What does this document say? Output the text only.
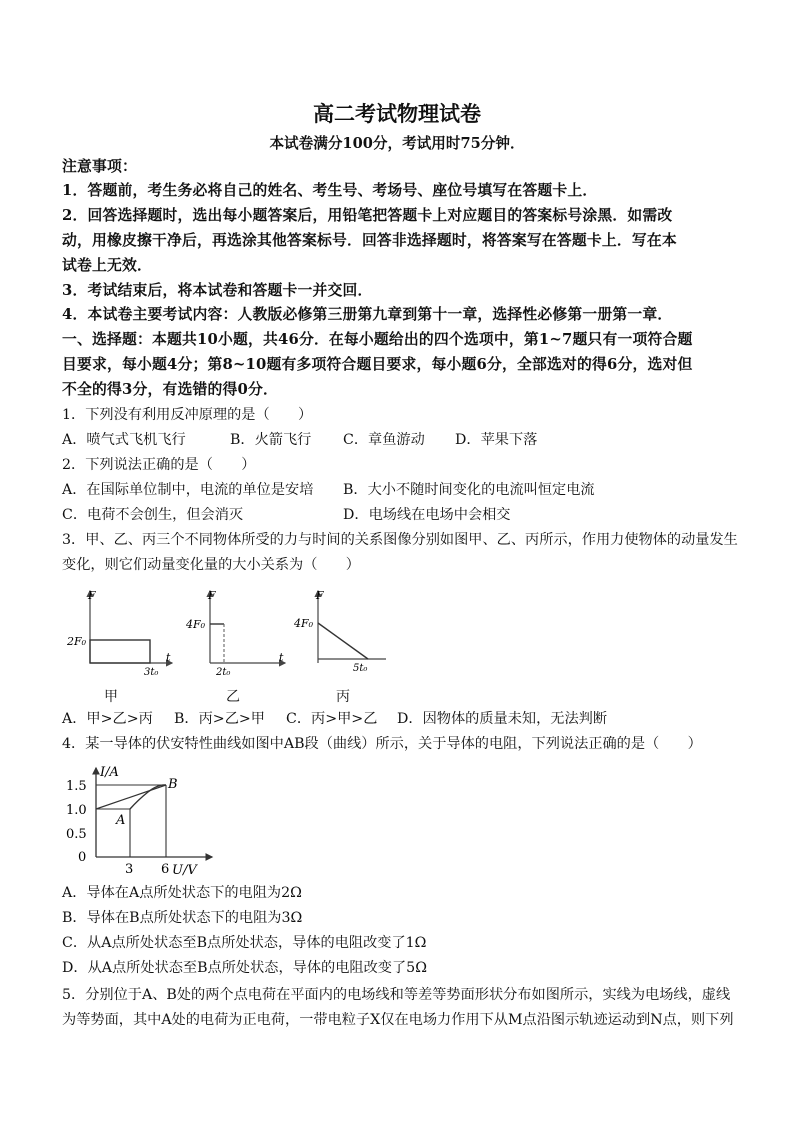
高二考试物理试卷
本试卷满分100分，考试用时75分钟．
注意事项：
1．答题前，考生务必将自己的姓名、考生号、考场号、座位号填写在答题卡上．
2．回答选择题时，选出每小题答案后，用铅笔把答题卡上对应题目的答案标号涂黑．如需改
动，用橡皮擦干净后，再选涂其他答案标号．回答非选择题时，将答案写在答题卡上．写在本
试卷上无效．
3．考试结束后，将本试卷和答题卡一并交回．
4．本试卷主要考试内容：人教版必修第三册第九章到第十一章，选择性必修第一册第一章．
一、选择题：本题共10小题，共46分．在每小题给出的四个选项中，第1~7题只有一项符合题
目要求，每小题4分；第8~10题有多项符合题目要求，每小题6分，全部选对的得6分，选对但
不全的得3分，有选错的得0分．
1．下列没有利用反冲原理的是（　　）
A．喷气式飞机飞行	B．火箭飞行 C．章鱼游动 D．苹果下落
2．下列说法正确的是（　　）
A．在国际单位制中，电流的单位是安培 B．大小不随时间变化的电流叫恒定电流
C．电荷不会创生，但会消灭	D．电场线在电场中会相交
3．甲、乙、丙三个不同物体所受的力与时间的关系图像分别如图甲、乙、丙所示，作用力使物体的动量发生
变化，则它们动量变化量的大小关系为（　　）
F
t
2F₀
3t₀
甲
F
t
4F₀
2t₀
乙
F
4F₀
5t₀
丙
A．甲>乙>丙 B．丙>乙>甲 C．丙>甲>乙 D．因物体的质量未知，无法判断
4．某一导体的伏安特性曲线如图中AB段（曲线）所示，关于导体的电阻，下列说法正确的是（　　）
I/A
U/V
1.5
1.0
0.5
0
3 6
A
B
A．导体在A点所处状态下的电阻为2Ω
B．导体在B点所处状态下的电阻为3Ω
C．从A点所处状态至B点所处状态，导体的电阻改变了1Ω
D．从A点所处状态至B点所处状态，导体的电阻改变了5Ω
5．分别位于A、B处的两个点电荷在平面内的电场线和等差等势面形状分布如图所示，实线为电场线，虚线
为等势面，其中A处的电荷为正电荷，一带电粒子X仅在电场力作用下从M点沿图示轨迹运动到N点，则下列
